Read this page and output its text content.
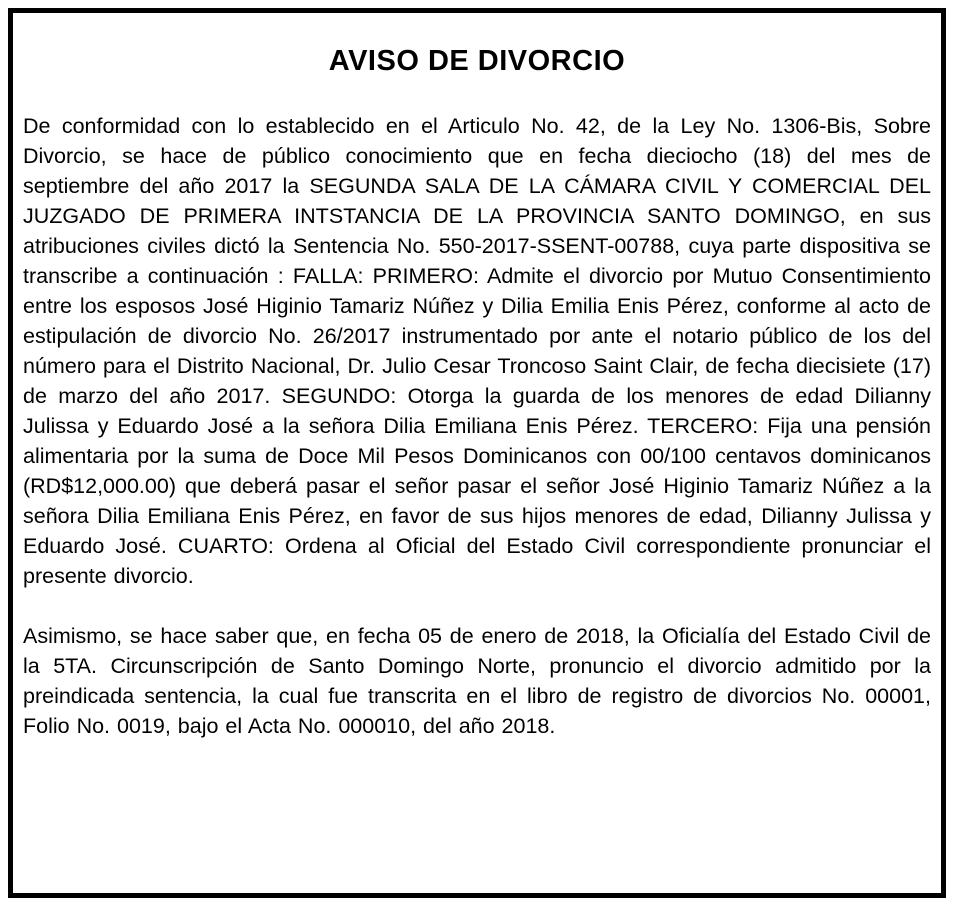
AVISO DE DIVORCIO

De conformidad con lo establecido en el Articulo No. 42, de la Ley No. 1306-Bis, Sobre Divorcio, se hace de público conocimiento que en fecha dieciocho (18) del mes de septiembre del año 2017 la SEGUNDA SALA DE LA CÁMARA CIVIL Y COMERCIAL DEL JUZGADO DE PRIMERA INTSTANCIA DE LA PROVINCIA SANTO DOMINGO, en sus atribuciones civiles dictó la Sentencia No. 550-2017-SSENT-00788, cuya parte dispositiva se transcribe a continuación : FALLA: PRIMERO: Admite el divorcio por Mutuo Consentimiento entre los esposos José Higinio Tamariz Núñez y Dilia Emilia Enis Pérez, conforme al acto de estipulación de divorcio No. 26/2017 instrumentado por ante el notario público de los del número para el Distrito Nacional, Dr. Julio Cesar Troncoso Saint Clair, de fecha diecisiete (17) de marzo del año 2017. SEGUNDO: Otorga la guarda de los menores de edad Dilianny Julissa y Eduardo José a la señora Dilia Emiliana Enis Pérez. TERCERO: Fija una pensión alimentaria por la suma de Doce Mil Pesos Dominicanos con 00/100 centavos dominicanos (RD$12,000.00) que deberá pasar el señor pasar el señor José Higinio Tamariz Núñez a la señora Dilia Emiliana Enis Pérez, en favor de sus hijos menores de edad, Dilianny Julissa y Eduardo José. CUARTO: Ordena al Oficial del Estado Civil correspondiente pronunciar el presente divorcio.

Asimismo, se hace saber que, en fecha 05 de enero de 2018, la Oficialía del Estado Civil de la 5TA. Circunscripción de Santo Domingo Norte, pronuncio el divorcio admitido por la preindicada sentencia, la cual fue transcrita en el libro de registro de divorcios No. 00001, Folio No. 0019, bajo el Acta No. 000010, del año 2018.
